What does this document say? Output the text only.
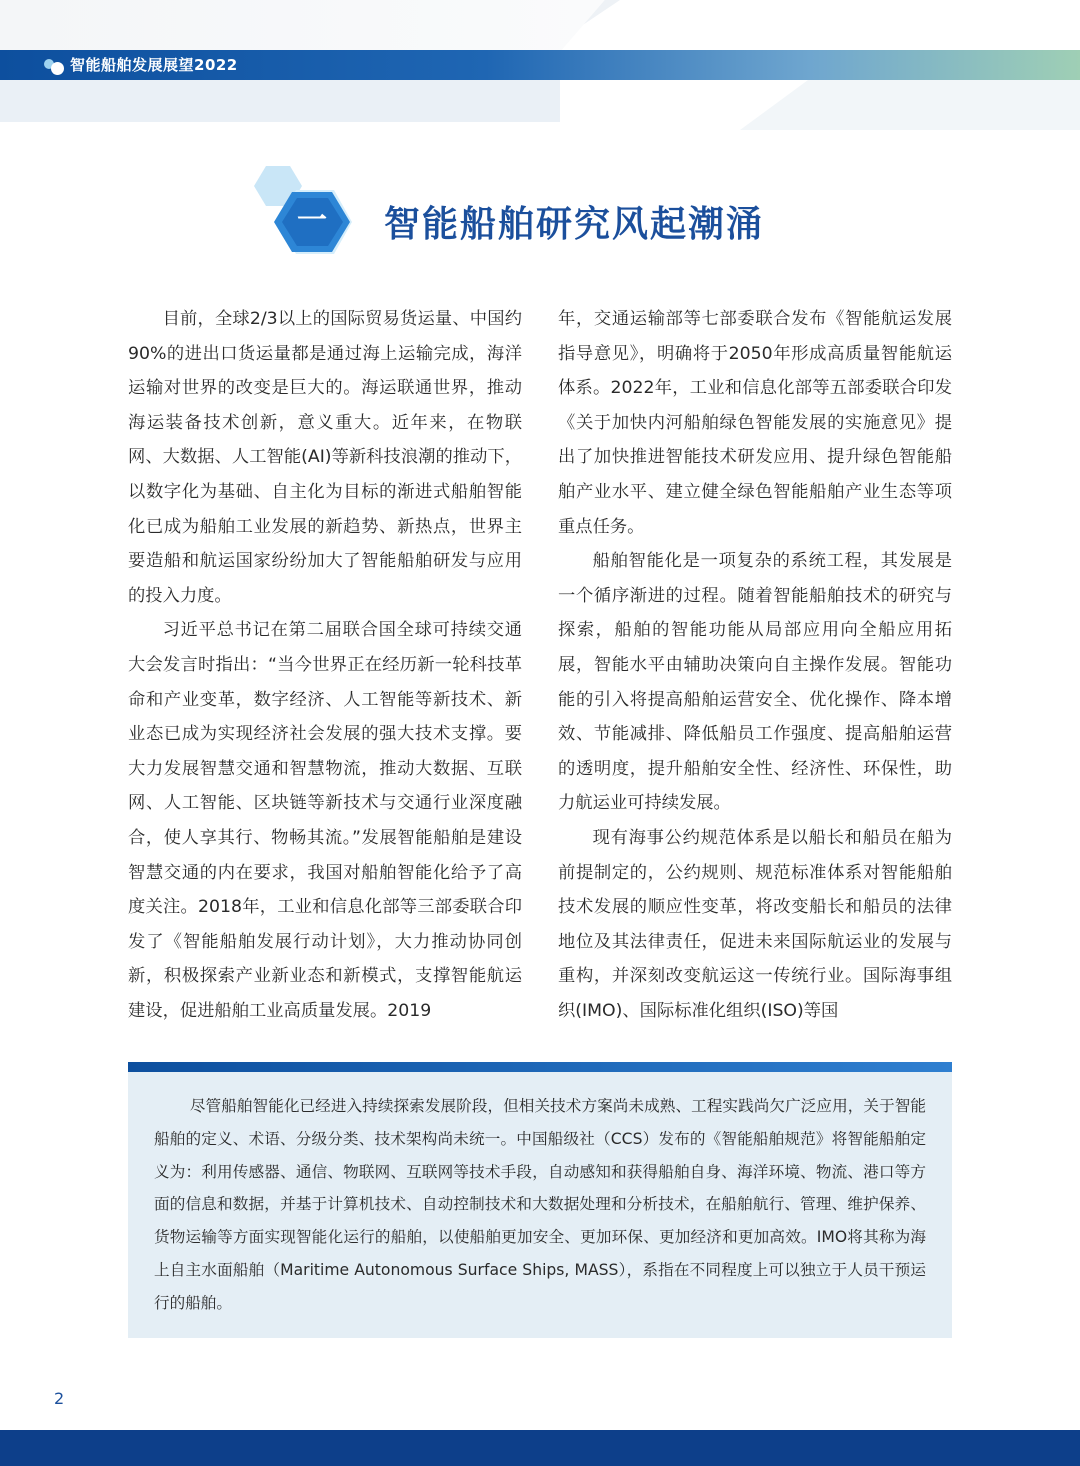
智能船舶发展展望2022
一 智能船舶研究风起潮涌

目前，全球2/3以上的国际贸易货运量、中国约90%的进出口货运量都是通过海上运输完成，海洋运输对世界的改变是巨大的。海运联通世界，推动海运装备技术创新，意义重大。近年来，在物联网、大数据、人工智能(AI)等新科技浪潮的推动下，以数字化为基础、自主化为目标的渐进式船舶智能化已成为船舶工业发展的新趋势、新热点，世界主要造船和航运国家纷纷加大了智能船舶研发与应用的投入力度。

习近平总书记在第二届联合国全球可持续交通大会发言时指出：“当今世界正在经历新一轮科技革命和产业变革，数字经济、人工智能等新技术、新业态已成为实现经济社会发展的强大技术支撑。要大力发展智慧交通和智慧物流，推动大数据、互联网、人工智能、区块链等新技术与交通行业深度融合，使人享其行、物畅其流。”发展智能船舶是建设智慧交通的内在要求，我国对船舶智能化给予了高度关注。2018年，工业和信息化部等三部委联合印发了《智能船舶发展行动计划》，大力推动协同创新，积极探索产业新业态和新模式，支撑智能航运建设，促进船舶工业高质量发展。2019

年，交通运输部等七部委联合发布《智能航运发展指导意见》，明确将于2050年形成高质量智能航运体系。2022年，工业和信息化部等五部委联合印发《关于加快内河船舶绿色智能发展的实施意见》提出了加快推进智能技术研发应用、提升绿色智能船舶产业水平、建立健全绿色智能船舶产业生态等项重点任务。

船舶智能化是一项复杂的系统工程，其发展是一个循序渐进的过程。随着智能船舶技术的研究与探索，船舶的智能功能从局部应用向全船应用拓展，智能水平由辅助决策向自主操作发展。智能功能的引入将提高船舶运营安全、优化操作、降本增效、节能减排、降低船员工作强度、提高船舶运营的透明度，提升船舶安全性、经济性、环保性，助力航运业可持续发展。

现有海事公约规范体系是以船长和船员在船为前提制定的，公约规则、规范标准体系对智能船舶技术发展的顺应性变革，将改变船长和船员的法律地位及其法律责任，促进未来国际航运业的发展与重构，并深刻改变航运这一传统行业。国际海事组织(IMO)、国际标准化组织(ISO)等国

尽管船舶智能化已经进入持续探索发展阶段，但相关技术方案尚未成熟、工程实践尚欠广泛应用，关于智能船舶的定义、术语、分级分类、技术架构尚未统一。中国船级社（CCS）发布的《智能船舶规范》将智能船舶定义为：利用传感器、通信、物联网、互联网等技术手段，自动感知和获得船舶自身、海洋环境、物流、港口等方面的信息和数据，并基于计算机技术、自动控制技术和大数据处理和分析技术，在船舶航行、管理、维护保养、货物运输等方面实现智能化运行的船舶，以使船舶更加安全、更加环保、更加经济和更加高效。IMO将其称为海上自主水面船舶（Maritime Autonomous Surface Ships, MASS），系指在不同程度上可以独立于人员干预运行的船舶。

2
